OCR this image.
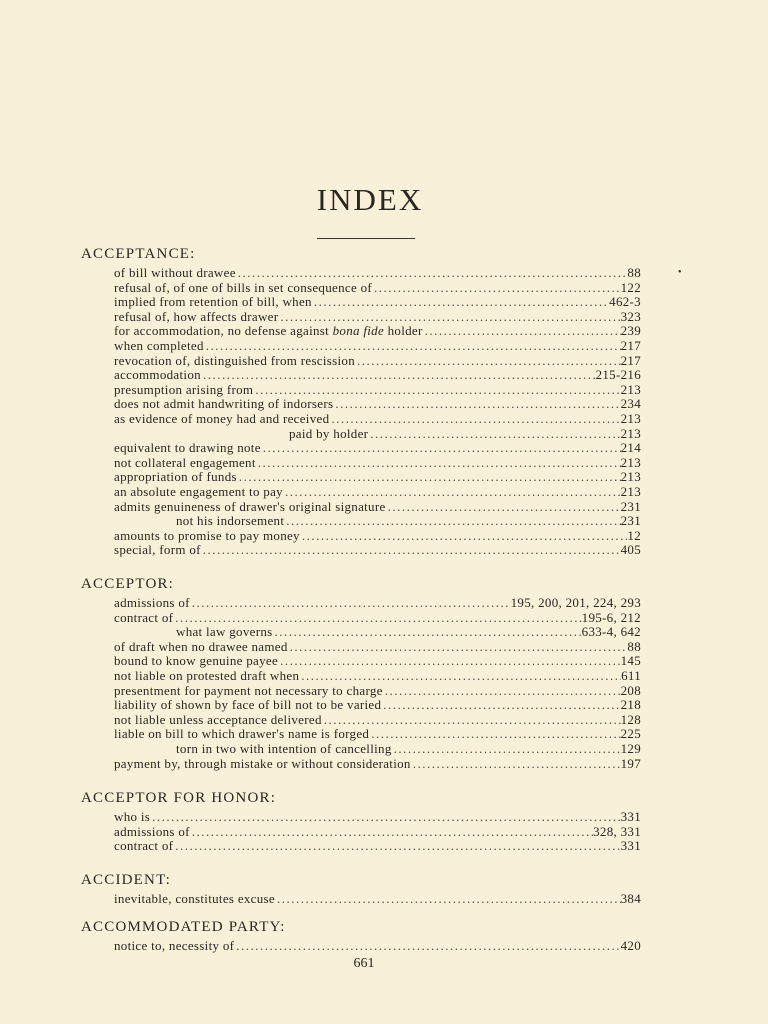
INDEX
•
ACCEPTANCE:
of bill without drawee .....	88
refusal of, of one of bills in set consequence of .....	122
implied from retention of bill, when .....	462-3
refusal of, how affects drawer .....	323
for accommodation, no defense against bona fide holder .....	239
when completed .....	217
revocation of, distinguished from rescission .....	217
accommodation .....	215-216
presumption arising from .....	213
does not admit handwriting of indorsers .....	234
as evidence of money had and received .....	213
paid by holder .....	213
equivalent to drawing note .....	214
not collateral engagement .....	213
appropriation of funds .....	213
an absolute engagement to pay .....	213
admits genuineness of drawer's original signature .....	231
not his indorsement .....	231
amounts to promise to pay money .....	12
special, form of .....	405
ACCEPTOR:
admissions of .....	195, 200, 201, 224, 293
contract of .....	195-6, 212
what law governs .....	633-4, 642
of draft when no drawee named .....	88
bound to know genuine payee .....	145
not liable on protested draft when .....	611
presentment for payment not necessary to charge .....	208
liability of shown by face of bill not to be varied .....	218
not liable unless acceptance delivered .....	128
liable on bill to which drawer's name is forged .....	225
torn in two with intention of cancelling .....	129
payment by, through mistake or without consideration .....	197
ACCEPTOR FOR HONOR:
who is .....	331
admissions of .....	328, 331
contract of .....	331
ACCIDENT:
inevitable, constitutes excuse .....	384
ACCOMMODATED PARTY:
notice to, necessity of .....	420
661
